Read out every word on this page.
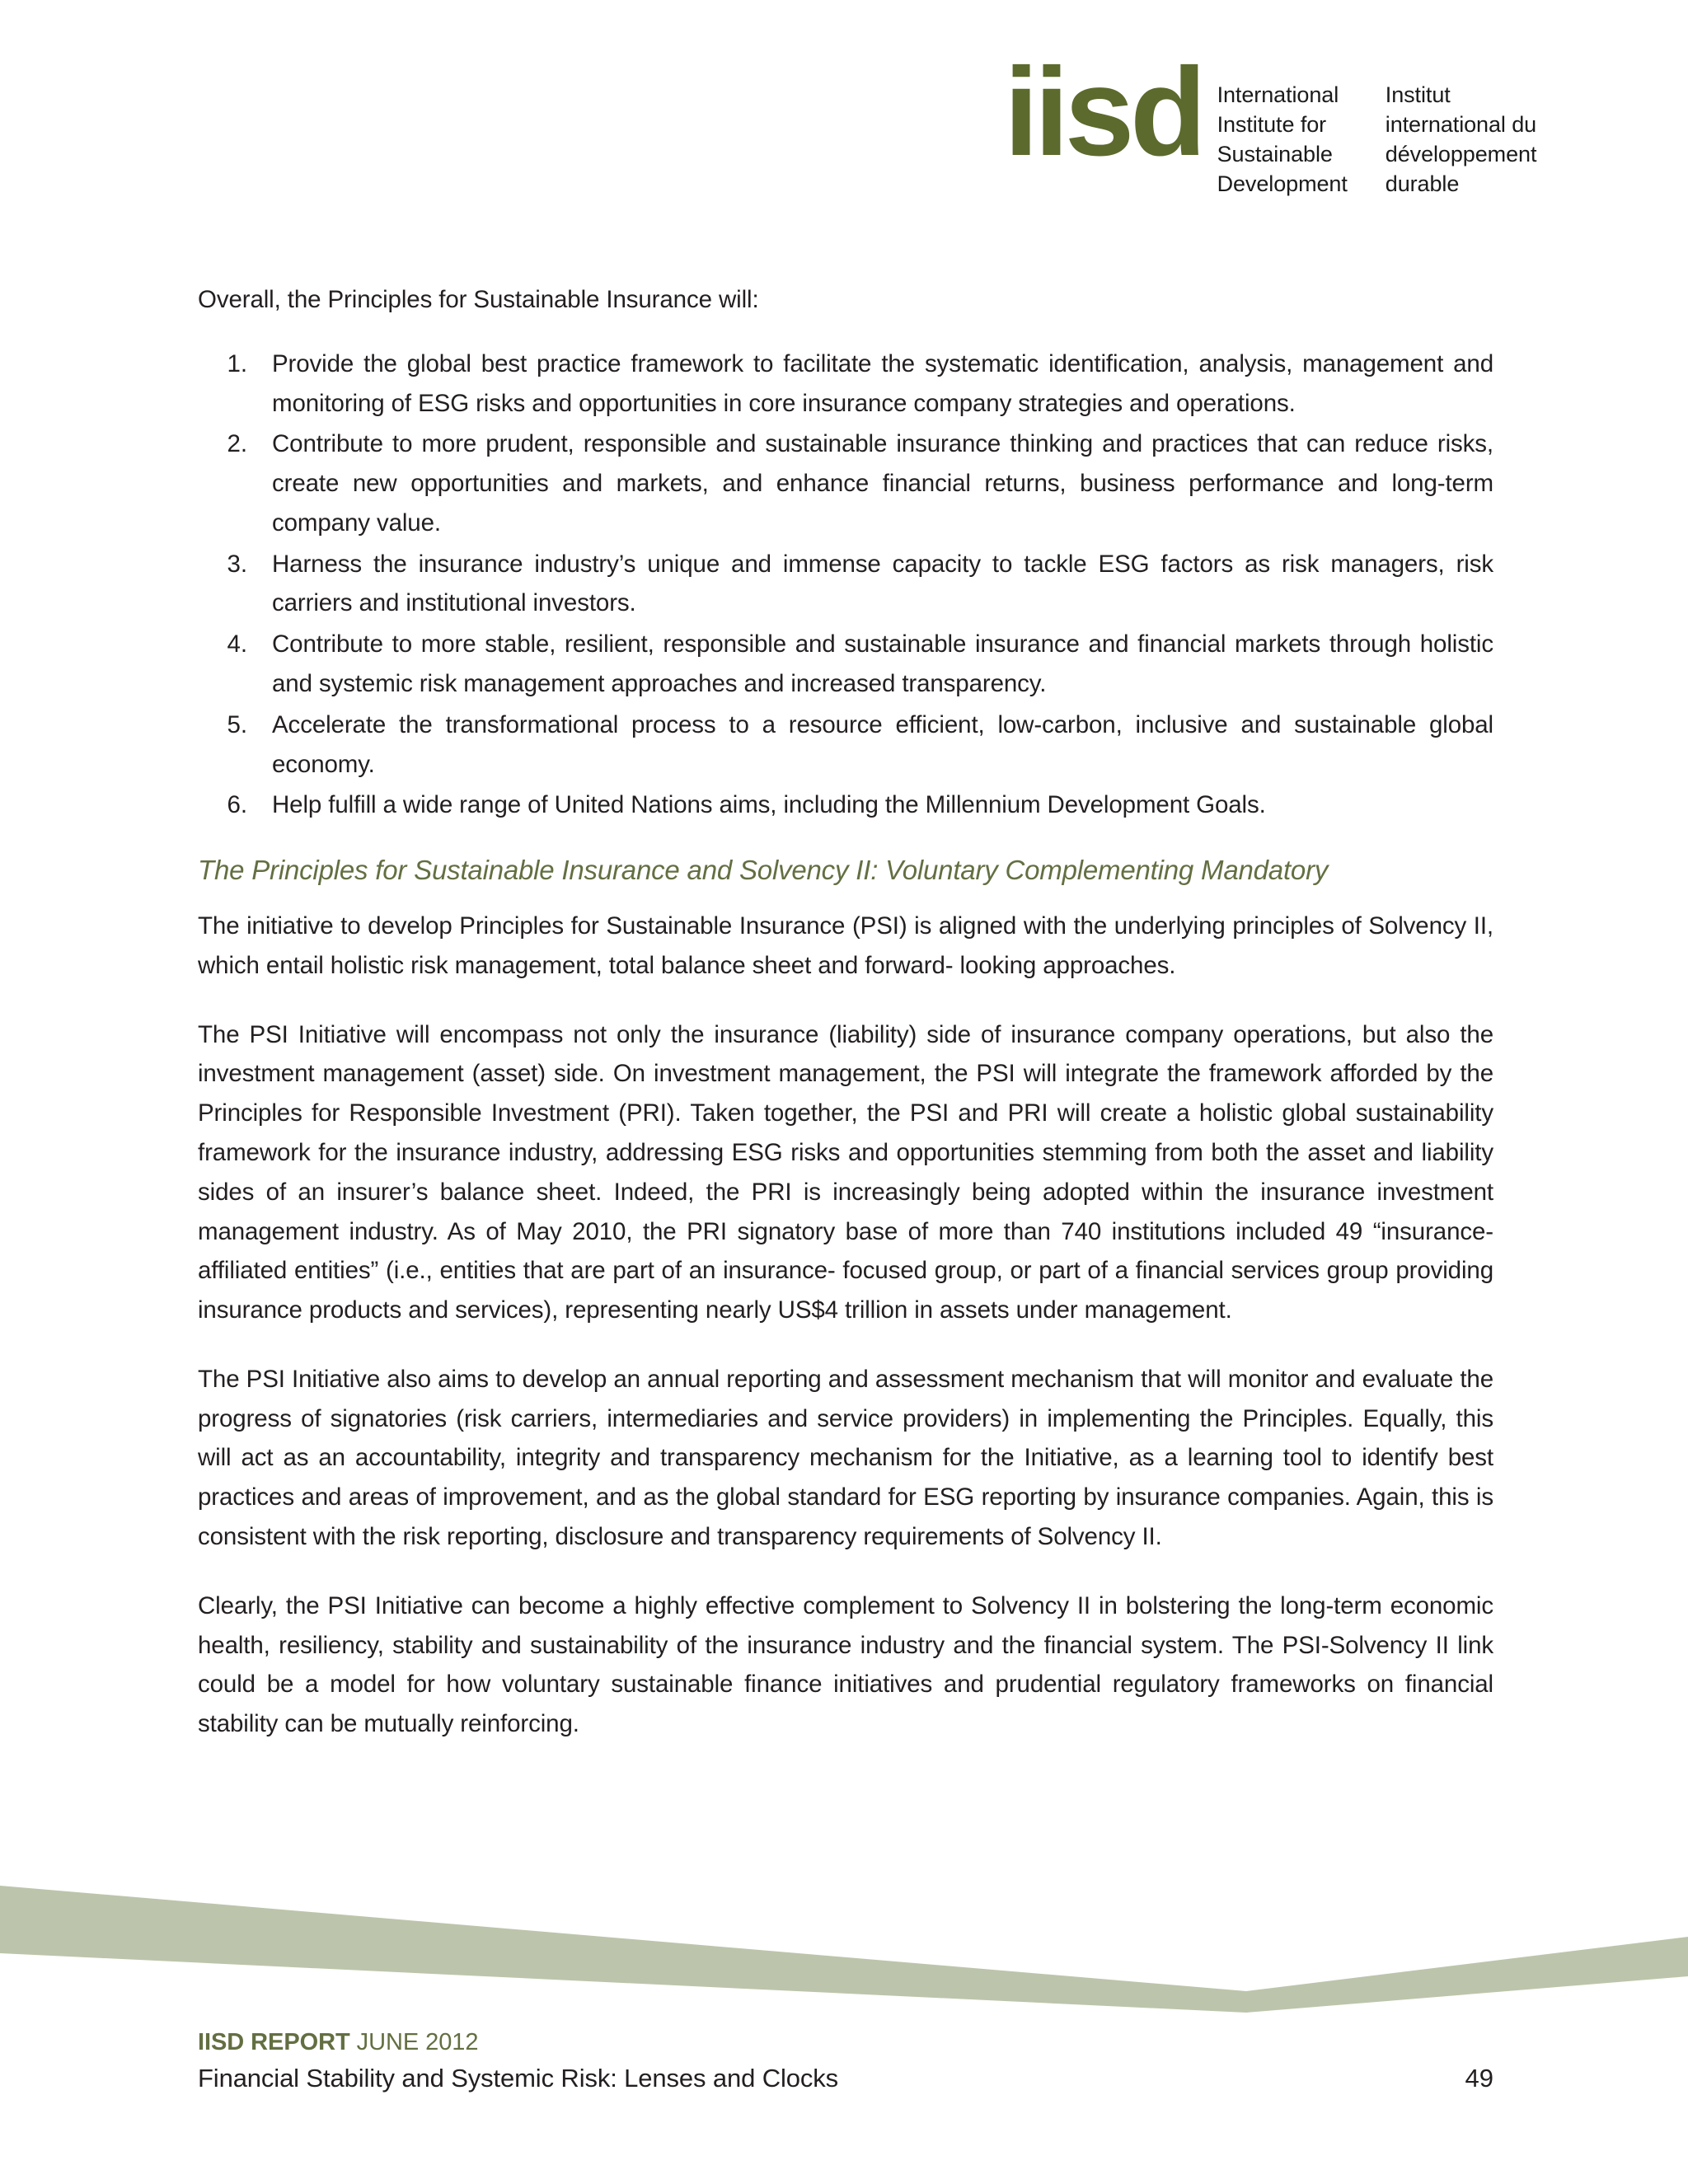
iisd International
Institute for
Sustainable
Development
Institut
international du
développement
durable

Overall, the Principles for Sustainable Insurance will:

1. Provide the global best practice framework to facilitate the systematic identification, analysis, management and monitoring of ESG risks and opportunities in core insurance company strategies and operations.
2. Contribute to more prudent, responsible and sustainable insurance thinking and practices that can reduce risks, create new opportunities and markets, and enhance financial returns, business performance and long-term company value.
3. Harness the insurance industry’s unique and immense capacity to tackle ESG factors as risk managers, risk carriers and institutional investors.
4. Contribute to more stable, resilient, responsible and sustainable insurance and financial markets through holistic and systemic risk management approaches and increased transparency.
5. Accelerate the transformational process to a resource efficient, low-carbon, inclusive and sustainable global economy.
6. Help fulfill a wide range of United Nations aims, including the Millennium Development Goals.
The Principles for Sustainable Insurance and Solvency II: Voluntary Complementing Mandatory

The initiative to develop Principles for Sustainable Insurance (PSI) is aligned with the underlying principles of Solvency II, which entail holistic risk management, total balance sheet and forward- looking approaches.

The PSI Initiative will encompass not only the insurance (liability) side of insurance company operations, but also the investment management (asset) side. On investment management, the PSI will integrate the framework afforded by the Principles for Responsible Investment (PRI). Taken together, the PSI and PRI will create a holistic global sustainability framework for the insurance industry, addressing ESG risks and opportunities stemming from both the asset and liability sides of an insurer’s balance sheet. Indeed, the PRI is increasingly being adopted within the insurance investment management industry. As of May 2010, the PRI signatory base of more than 740 institutions included 49 “insurance-affiliated entities” (i.e., entities that are part of an insurance- focused group, or part of a financial services group providing insurance products and services), representing nearly US$4 trillion in assets under management.

The PSI Initiative also aims to develop an annual reporting and assessment mechanism that will monitor and evaluate the progress of signatories (risk carriers, intermediaries and service providers) in implementing the Principles. Equally, this will act as an accountability, integrity and transparency mechanism for the Initiative, as a learning tool to identify best practices and areas of improvement, and as the global standard for ESG reporting by insurance companies. Again, this is consistent with the risk reporting, disclosure and transparency requirements of Solvency II.

Clearly, the PSI Initiative can become a highly effective complement to Solvency II in bolstering the long-term economic health, resiliency, stability and sustainability of the insurance industry and the financial system. The PSI-Solvency II link could be a model for how voluntary sustainable finance initiatives and prudential regulatory frameworks on financial stability can be mutually reinforcing.

IISD REPORT JUNE 2012
Financial Stability and Systemic Risk: Lenses and Clocks	49
